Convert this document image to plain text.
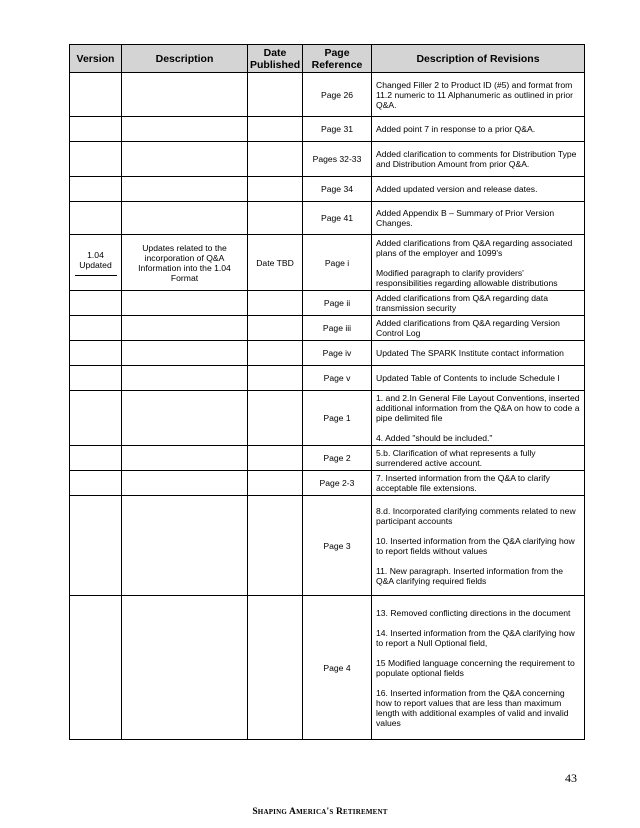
Version	Description	Date Published	Page Reference	Description of Revisions
			Page 26	Changed Filler 2 to Product ID (#5) and format from 11.2 numeric to 11 Alphanumeric as outlined in prior Q&A.

			Page 31	Added point 7 in response to a prior Q&A.

			Pages 32-33	Added clarification to comments for Distribution Type and Distribution Amount from prior Q&A.

			Page 34	Added updated version and release dates.

			Page 41	Added Appendix B – Summary of Prior Version Changes.

1.04 Updated	Updates related to the incorporation of Q&A Information into the 1.04 Format	Date TBD	Page i	Added clarifications from Q&A regarding associated plans of the employer and 1099's

Modified paragraph to clarify providers' responsibilities regarding allowable distributions

			Page ii	Added clarifications from Q&A regarding data transmission security

			Page iii	Added clarifications from Q&A regarding Version Control Log

			Page iv	Updated The SPARK Institute contact information

			Page v	Updated Table of Contents to include Schedule I

			Page 1	1. and 2.In General File Layout Conventions, inserted additional information from the Q&A on how to code a pipe delimited file

4. Added "should be included."

			Page 2	5.b. Clarification of what represents a fully surrendered active account.

			Page 2-3	7. Inserted information from the Q&A to clarify acceptable file extensions.

			Page 3	8.d. Incorporated clarifying comments related to new participant accounts

10. Inserted information from the Q&A clarifying how to report fields without values

11. New paragraph. Inserted information from the Q&A clarifying required fields

			Page 4	13. Removed conflicting directions in the document

14. Inserted information from the Q&A clarifying how to report a Null Optional field,

15 Modified language concerning the requirement to populate optional fields

16. Inserted information from the Q&A concerning how to report values that are less than maximum length with additional examples of valid and invalid values

43
Shaping America's Retirement
